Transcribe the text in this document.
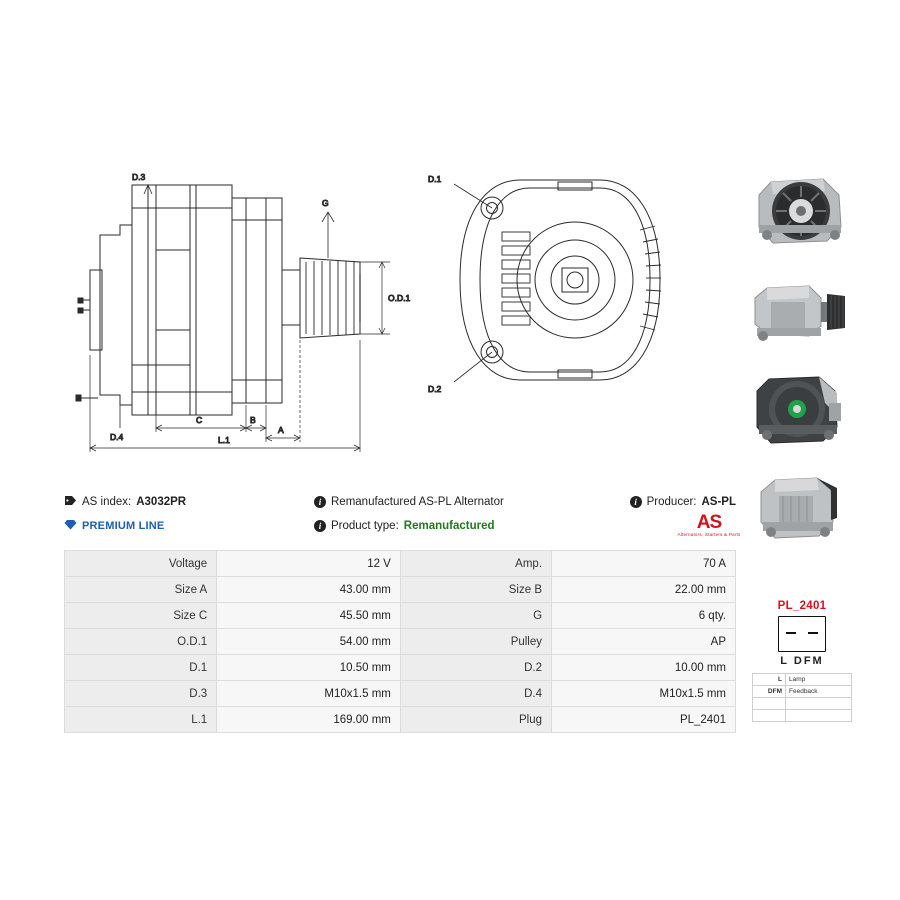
G
D.3
D.4
O.D.1
A
B
C
L.1
D.1
D.2
PL_2401
L DFM
L	Lamp
DFM	Feedback

AS index: A3032PR	i Remanufactured AS-PL Alternator	i Producer: AS-PL
PREMIUM LINE	i Product type: Remanufactured	AS
Alternators, Starters & Parts
Voltage	12 V	Amp.	70 A
Size A	43.00 mm	Size B	22.00 mm
Size C	45.50 mm	G	6 qty.
O.D.1	54.00 mm	Pulley	AP
D.1	10.50 mm	D.2	10.00 mm
D.3	M10x1.5 mm	D.4	M10x1.5 mm
L.1	169.00 mm	Plug	PL_2401
